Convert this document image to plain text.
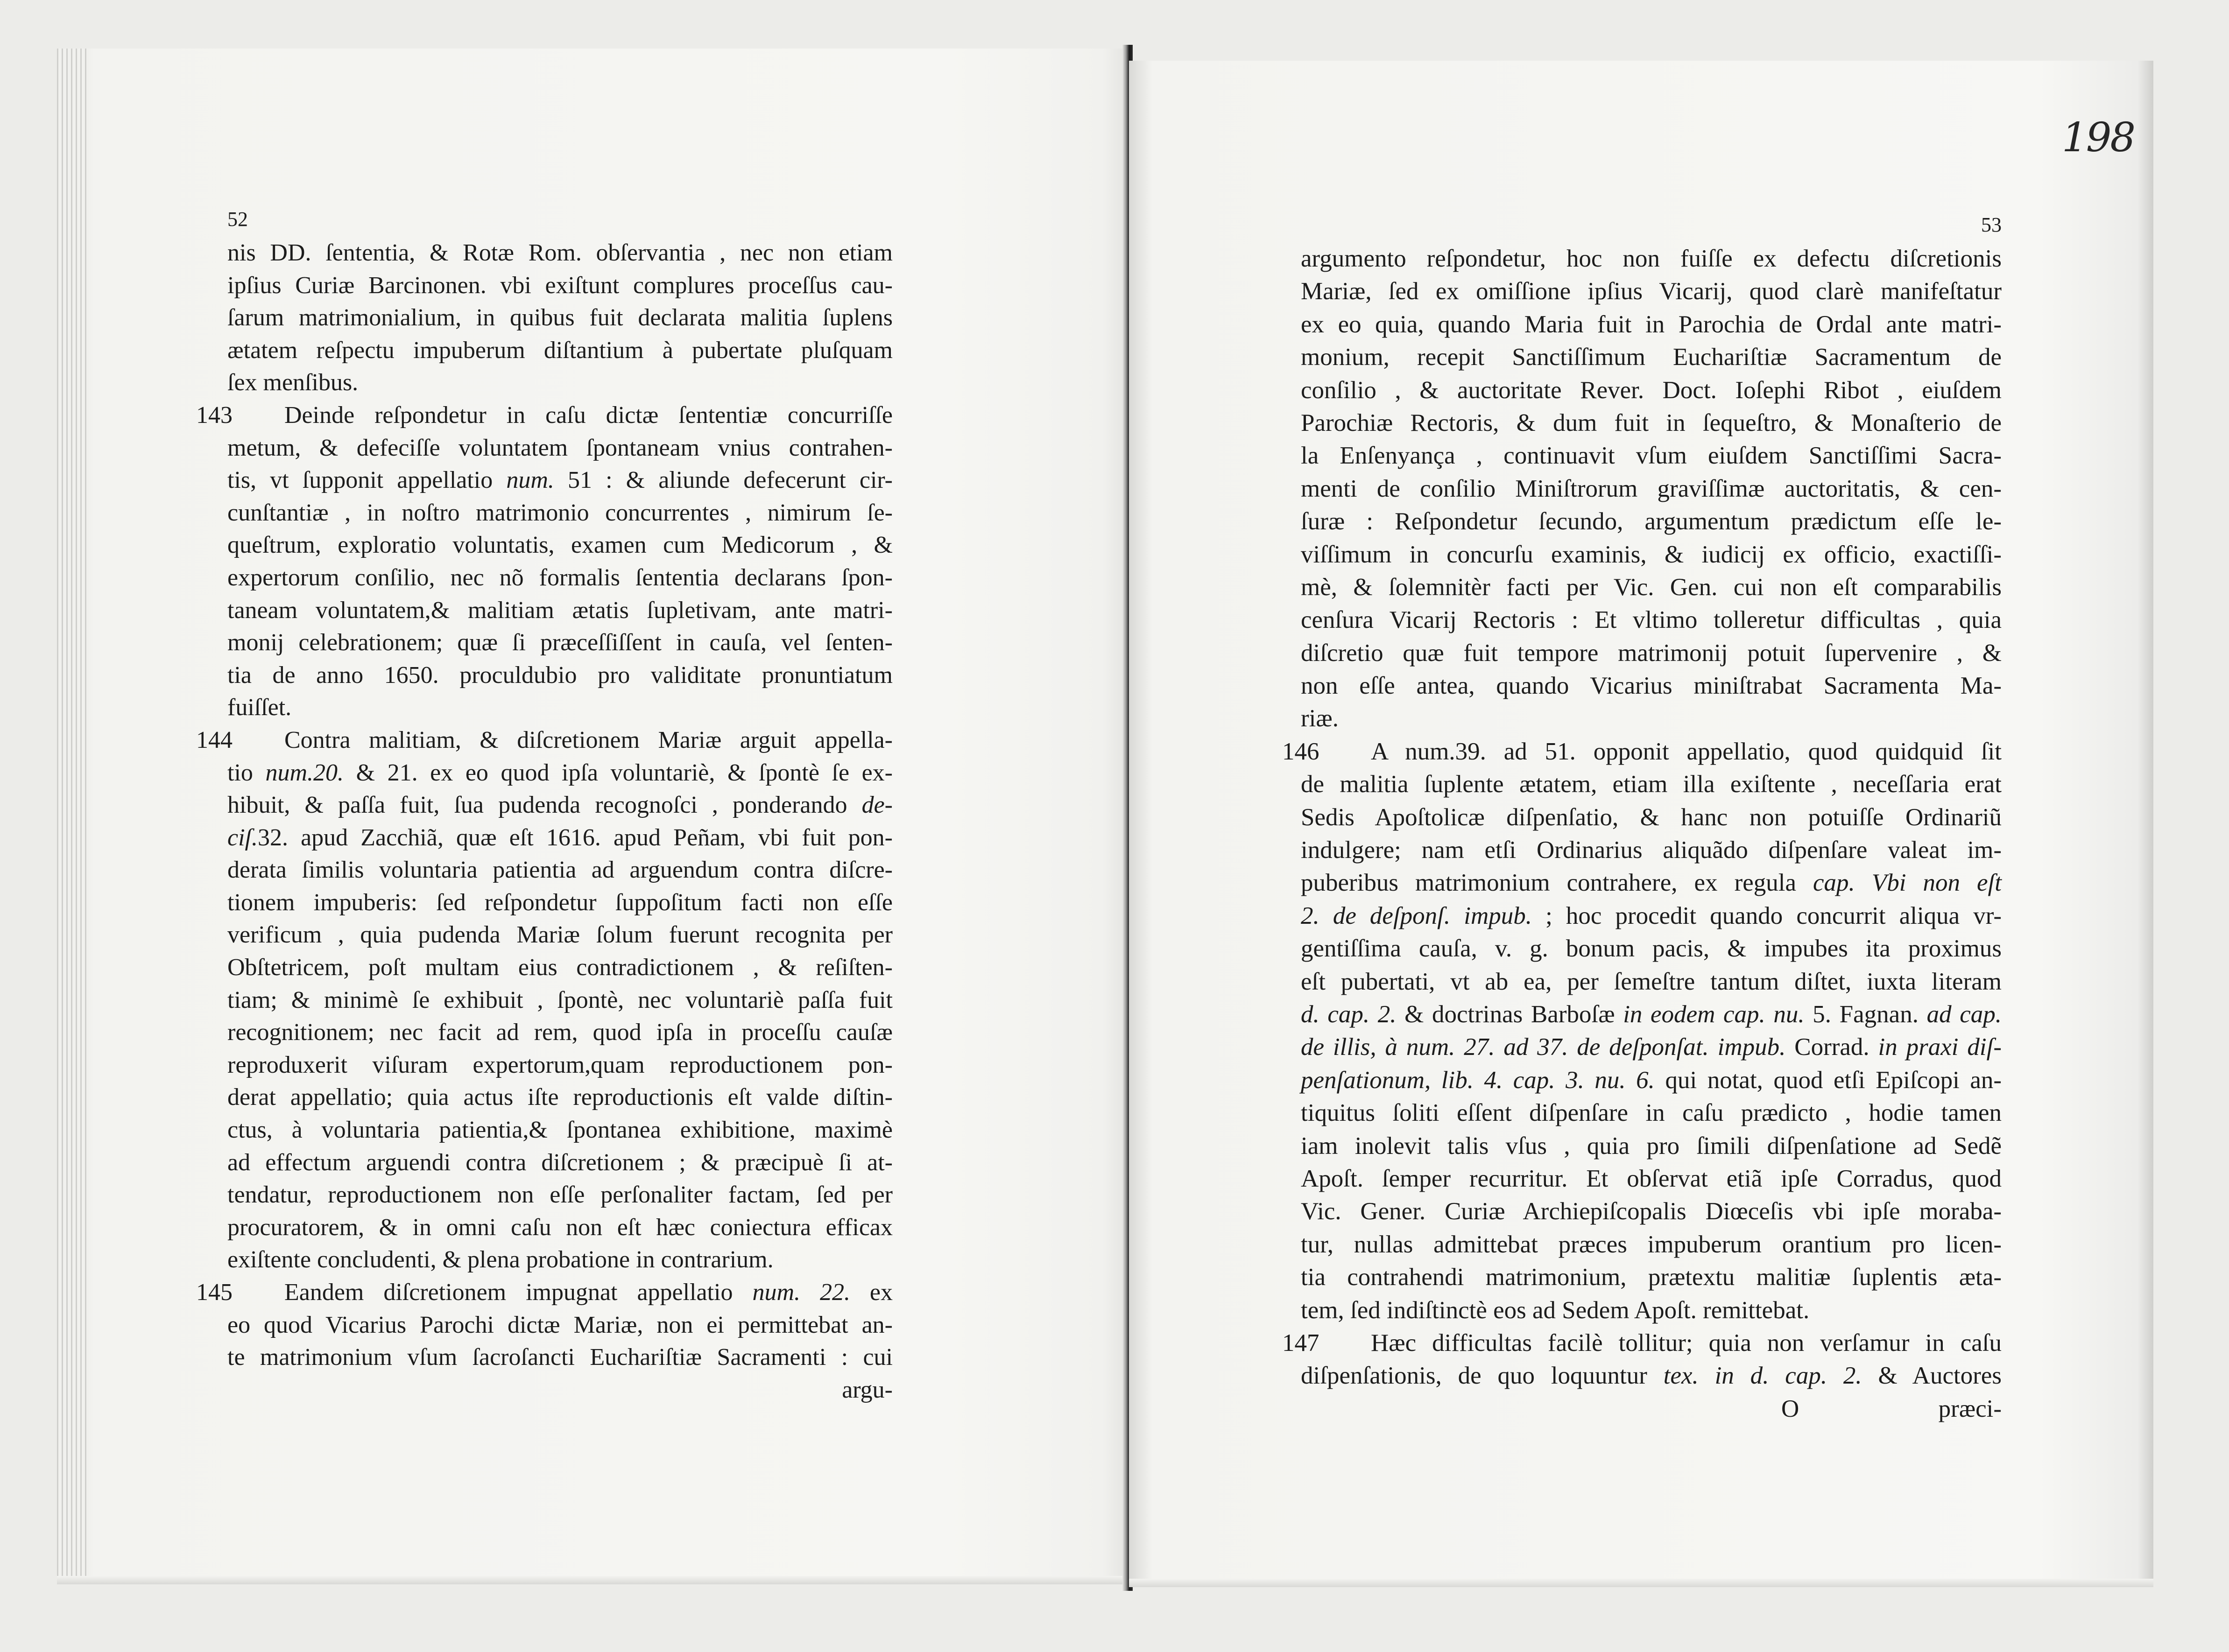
52
nis DD. ſententia, & Rotæ Rom. obſervantia , nec non etiam
ipſius Curiæ Barcinonen. vbi exiſtunt complures proceſſus cau-
ſarum matrimonialium, in quibus fuit declarata malitia ſuplens
ætatem reſpectu impuberum diſtantium à pubertate pluſquam
ſex menſibus.
143 Deinde reſpondetur in caſu dictæ ſententiæ concurriſſe
metum, & defeciſſe voluntatem ſpontaneam vnius contrahen-
tis, vt ſupponit appellatio num. 51 : & aliunde defecerunt cir-
cunſtantiæ , in noſtro matrimonio concurrentes , nimirum ſe-
queſtrum, exploratio voluntatis, examen cum Medicorum , &
expertorum conſilio, nec nõ formalis ſententia declarans ſpon-
taneam voluntatem,& malitiam ætatis ſupletivam, ante matri-
monij celebrationem; quæ ſi præceſſiſſent in cauſa, vel ſenten-
tia de anno 1650. proculdubio pro validitate pronuntiatum
fuiſſet.
144 Contra malitiam, & diſcretionem Mariæ arguit appella-
tio num.20. & 21. ex eo quod ipſa voluntariè, & ſpontè ſe ex-
hibuit, & paſſa fuit, ſua pudenda recognoſci , ponderando de-
ciſ.32. apud Zacchiã, quæ eſt 1616. apud Peñam, vbi fuit pon-
derata ſimilis voluntaria patientia ad arguendum contra diſcre-
tionem impuberis: ſed reſpondetur ſuppoſitum facti non eſſe
verificum , quia pudenda Mariæ ſolum fuerunt recognita per
Obſtetricem, poſt multam eius contradictionem , & reſiſten-
tiam; & minimè ſe exhibuit , ſpontè, nec voluntariè paſſa fuit
recognitionem; nec facit ad rem, quod ipſa in proceſſu cauſæ
reproduxerit viſuram expertorum,quam reproductionem pon-
derat appellatio; quia actus iſte reproductionis eſt valde diſtin-
ctus, à voluntaria patientia,& ſpontanea exhibitione, maximè
ad effectum arguendi contra diſcretionem ; & præcipuè ſi at-
tendatur, reproductionem non eſſe perſonaliter factam, ſed per
procuratorem, & in omni caſu non eſt hæc coniectura efficax
exiſtente concludenti, & plena probatione in contrarium.
145 Eandem diſcretionem impugnat appellatio num. 22. ex
eo quod Vicarius Parochi dictæ Mariæ, non ei permittebat an-
te matrimonium vſum ſacroſancti Euchariſtiæ Sacramenti : cui
argu-
198
53
argumento reſpondetur, hoc non fuiſſe ex defectu diſcretionis
Mariæ, ſed ex omiſſione ipſius Vicarij, quod clarè manifeſtatur
ex eo quia, quando Maria fuit in Parochia de Ordal ante matri-
monium, recepit Sanctiſſimum Euchariſtiæ Sacramentum de
conſilio , & auctoritate Rever. Doct. Ioſephi Ribot , eiuſdem
Parochiæ Rectoris, & dum fuit in ſequeſtro, & Monaſterio de
la Enſenyança , continuavit vſum eiuſdem Sanctiſſimi Sacra-
menti de conſilio Miniſtrorum graviſſimæ auctoritatis, & cen-
ſuræ : Reſpondetur ſecundo, argumentum prædictum eſſe le-
viſſimum in concurſu examinis, & iudicij ex officio, exactiſſi-
mè, & ſolemnitèr facti per Vic. Gen. cui non eſt comparabilis
cenſura Vicarij Rectoris : Et vltimo tolleretur difficultas , quia
diſcretio quæ fuit tempore matrimonij potuit ſupervenire , &
non eſſe antea, quando Vicarius miniſtrabat Sacramenta Ma-
riæ.
146 A num.39. ad 51. opponit appellatio, quod quidquid ſit
de malitia ſuplente ætatem, etiam illa exiſtente , neceſſaria erat
Sedis Apoſtolicæ diſpenſatio, & hanc non potuiſſe Ordinariũ
indulgere; nam etſi Ordinarius aliquãdo diſpenſare valeat im-
puberibus matrimonium contrahere, ex regula cap. Vbi non eſt
2. de deſponſ. impub. ; hoc procedit quando concurrit aliqua vr-
gentiſſima cauſa, v. g. bonum pacis, & impubes ita proximus
eſt pubertati, vt ab ea, per ſemeſtre tantum diſtet, iuxta literam
d. cap. 2. & doctrinas Barboſæ in eodem cap. nu. 5. Fagnan. ad cap.
de illis, à num. 27. ad 37. de deſponſat. impub. Corrad. in praxi diſ-
penſationum, lib. 4. cap. 3. nu. 6. qui notat, quod etſi Epiſcopi an-
tiquitus ſoliti eſſent diſpenſare in caſu prædicto , hodie tamen
iam inolevit talis vſus , quia pro ſimili diſpenſatione ad Sedẽ
Apoſt. ſemper recurritur. Et obſervat etiã ipſe Corradus, quod
Vic. Gener. Curiæ Archiepiſcopalis Diœceſis vbi ipſe moraba-
tur, nullas admittebat præces impuberum orantium pro licen-
tia contrahendi matrimonium, prætextu malitiæ ſuplentis æta-
tem, ſed indiſtinctè eos ad Sedem Apoſt. remittebat.
147 Hæc difficultas facilè tollitur; quia non verſamur in caſu
diſpenſationis, de quo loquuntur tex. in d. cap. 2. & Auctores
O	præci-
